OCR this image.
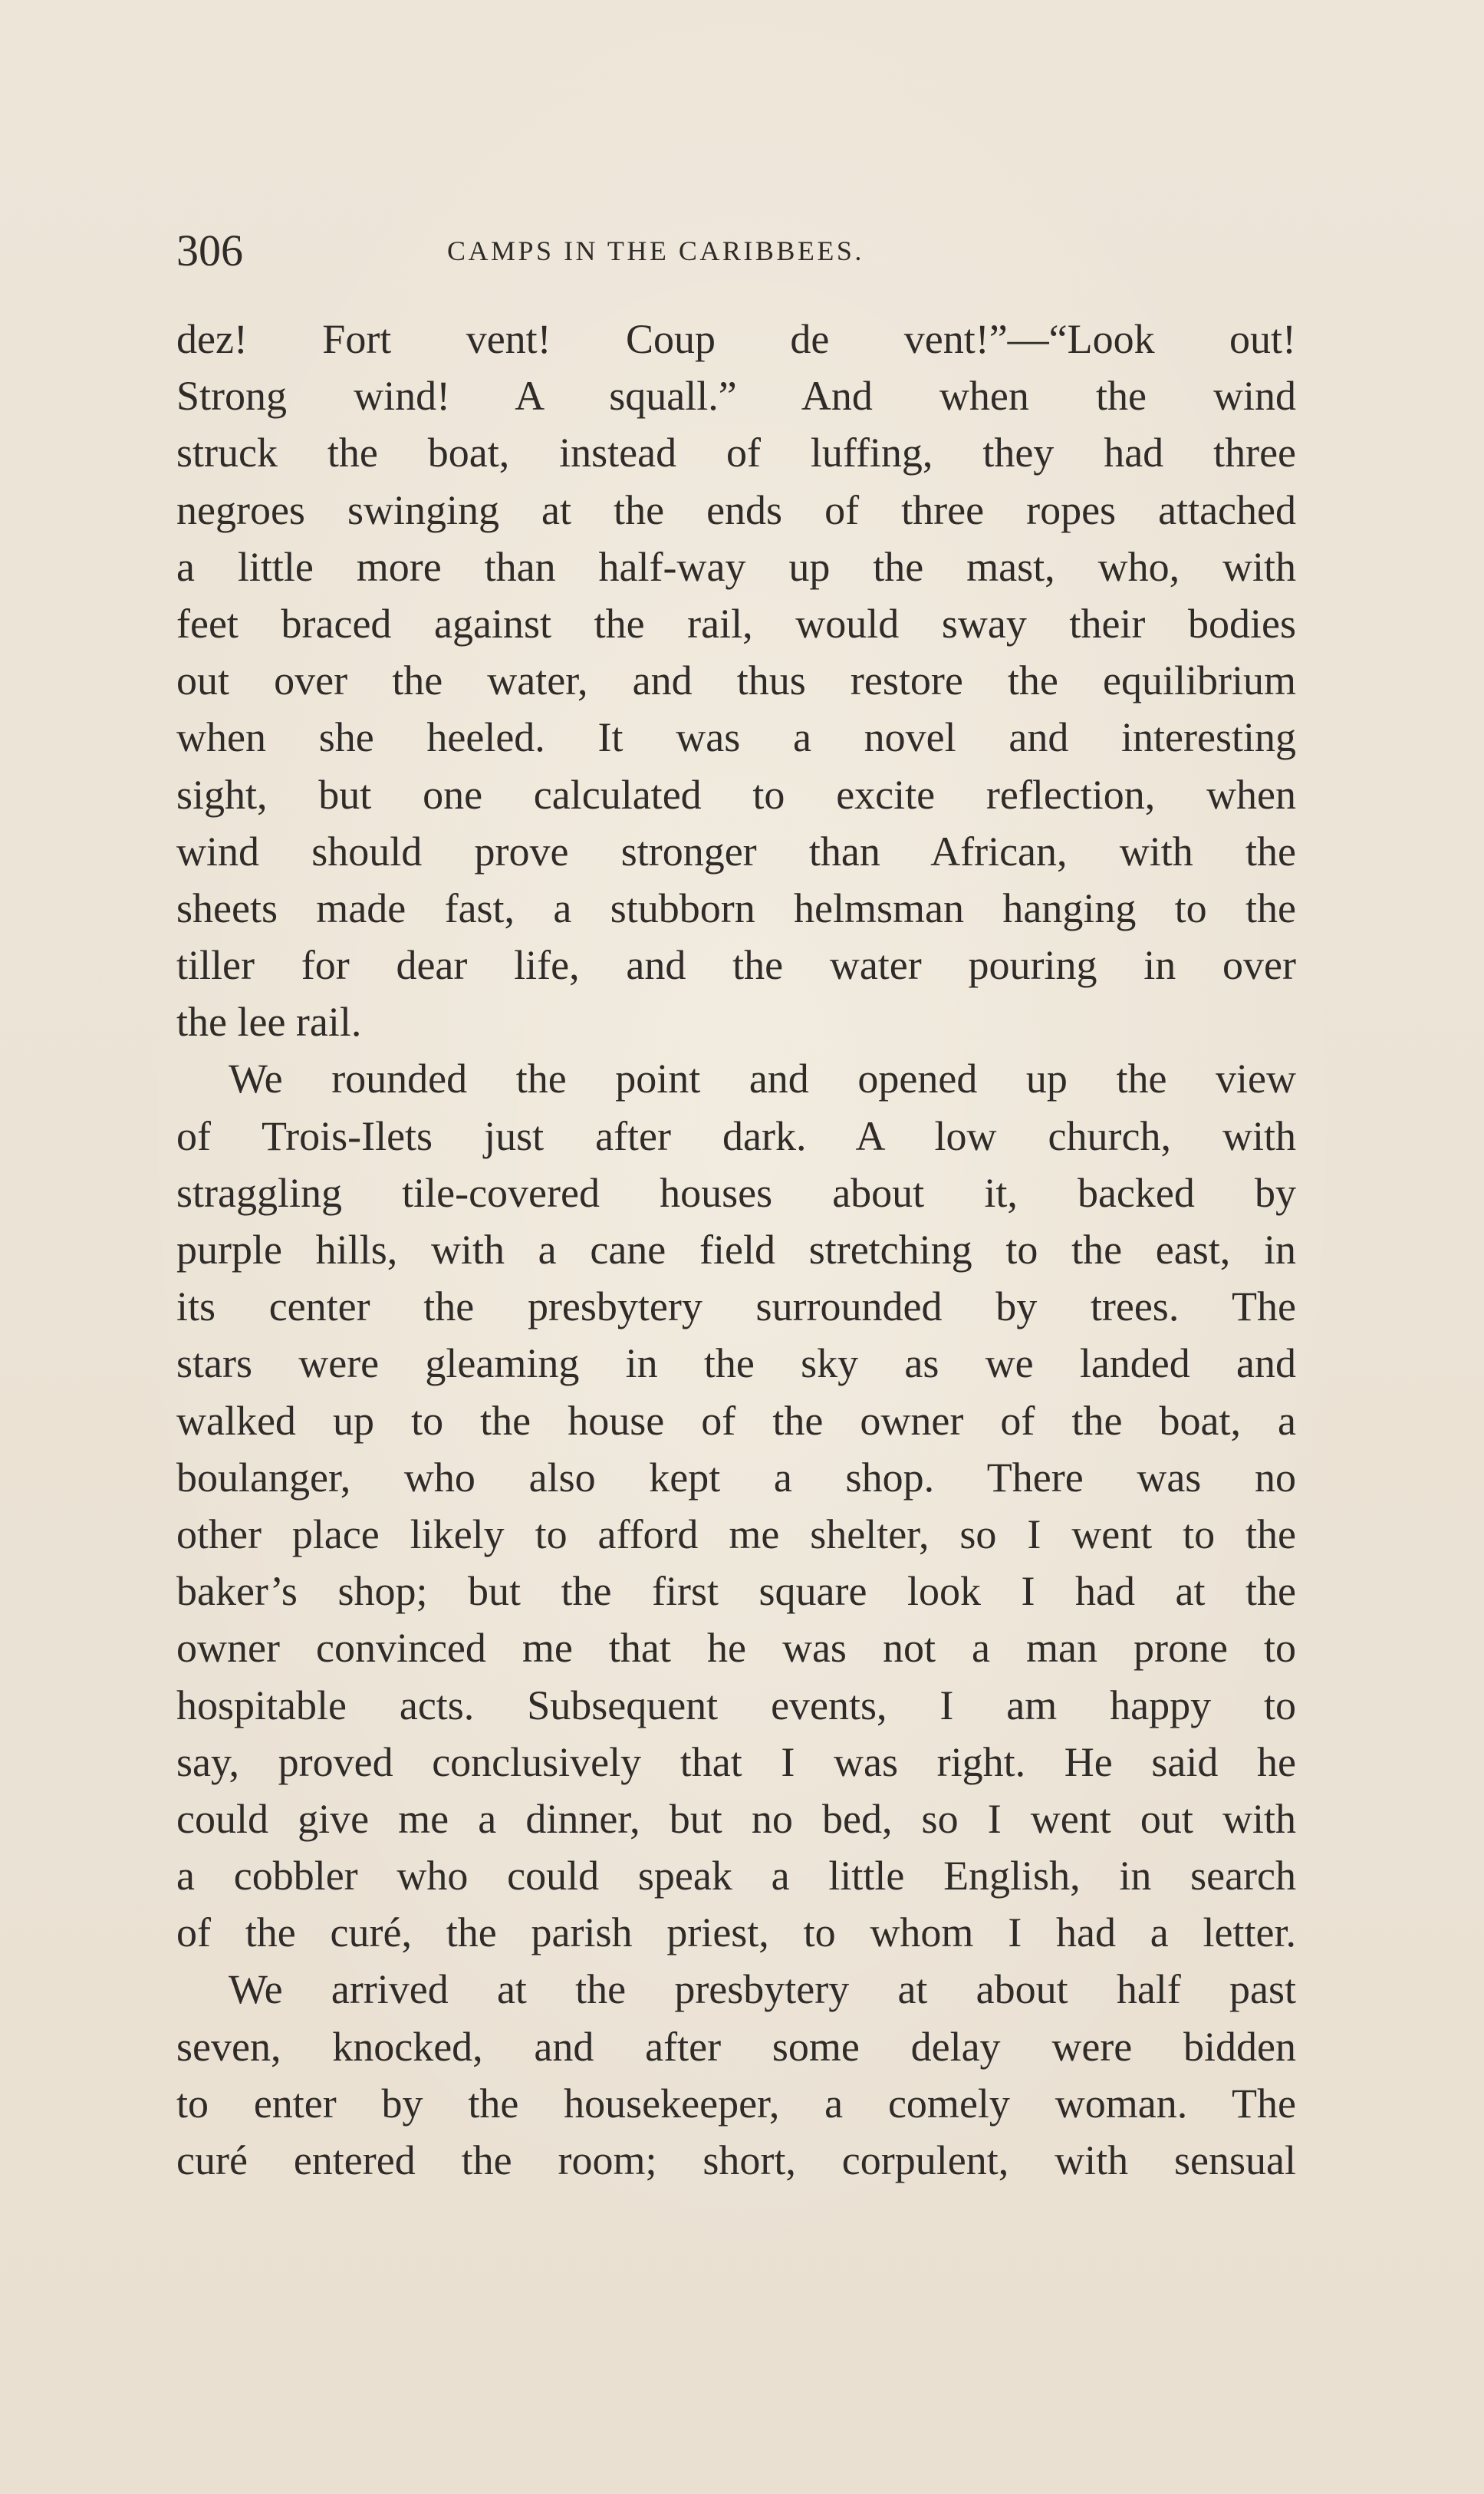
306	CAMPS IN THE CARIBBEES.
dez! Fort vent! Coup de vent!”—“Look out!
Strong wind! A squall.” And when the wind
struck the boat, instead of luffing, they had three
negroes swinging at the ends of three ropes attached
a little more than half-way up the mast, who, with
feet braced against the rail, would sway their bodies
out over the water, and thus restore the equilibrium
when she heeled. It was a novel and interesting
sight, but one calculated to excite reflection, when
wind should prove stronger than African, with the
sheets made fast, a stubborn helmsman hanging to the
tiller for dear life, and the water pouring in over
the lee rail.
We rounded the point and opened up the view
of Trois-Ilets just after dark. A low church, with
straggling tile-covered houses about it, backed by
purple hills, with a cane field stretching to the east, in
its center the presbytery surrounded by trees. The
stars were gleaming in the sky as we landed and
walked up to the house of the owner of the boat, a
boulanger, who also kept a shop. There was no
other place likely to afford me shelter, so I went to the
baker’s shop; but the first square look I had at the
owner convinced me that he was not a man prone to
hospitable acts. Subsequent events, I am happy to
say, proved conclusively that I was right. He said he
could give me a dinner, but no bed, so I went out with
a cobbler who could speak a little English, in search
of the curé, the parish priest, to whom I had a letter.
We arrived at the presbytery at about half past
seven, knocked, and after some delay were bidden
to enter by the housekeeper, a comely woman. The
curé entered the room; short, corpulent, with sensual
